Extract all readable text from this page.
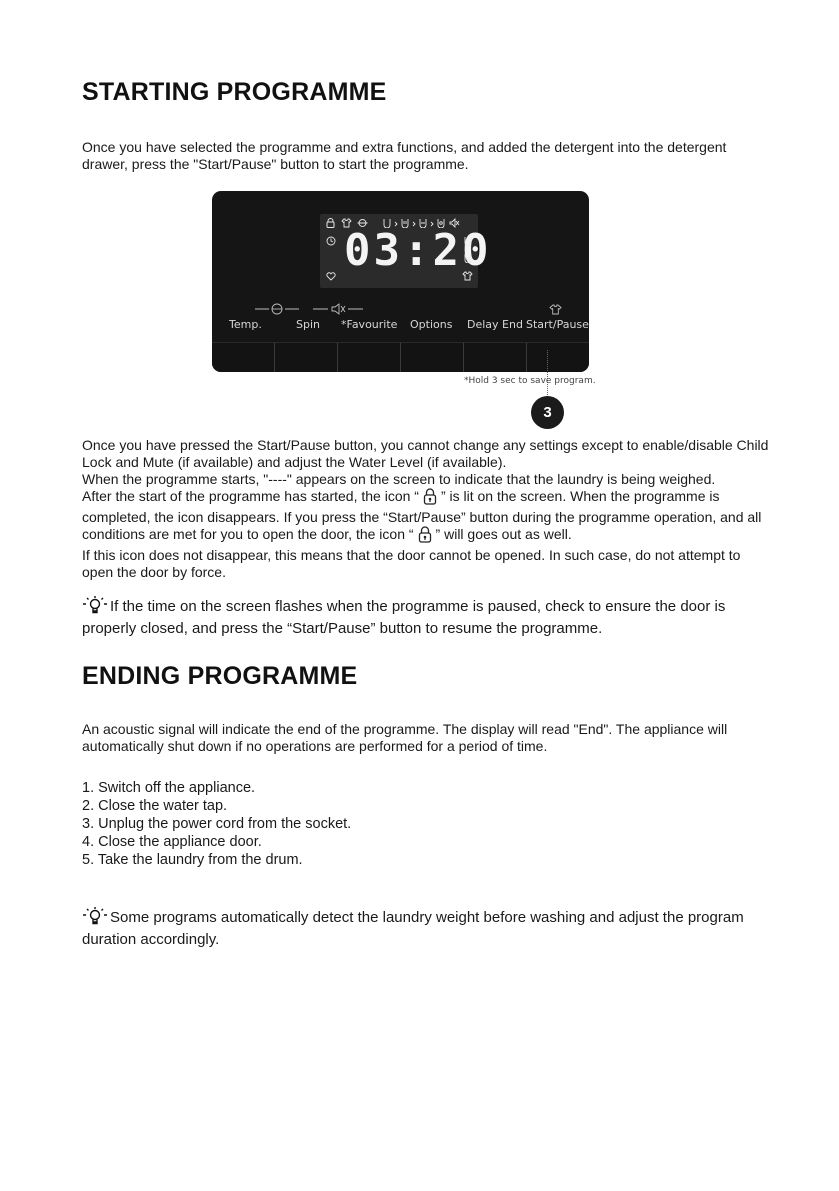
STARTING PROGRAMME

Once you have selected the programme and extra functions, and added the detergent into the detergent drawer, press the "Start/Pause" button to start the programme.

03:20
Temp.	Spin *Favourite Options Delay End Start/Pause
*Hold 3 sec to save program.
3

Once you have pressed the Start/Pause button, you cannot change any settings except to enable/disable Child Lock and Mute (if available) and adjust the Water Level (if available).

When the programme starts, "----" appears on the screen to indicate that the laundry is being weighed.

After the start of the programme has started, the icon “ ” is lit on the screen. When the programme is completed, the icon disappears. If you press the “Start/Pause” button during the programme operation, and all conditions are met for you to open the door, the icon “ ” will goes out as well.

If this icon does not disappear, this means that the door cannot be opened. In such case, do not attempt to open the door by force.

If the time on the screen flashes when the programme is paused, check to ensure the door is properly closed, and press the “Start/Pause” button to resume the programme.

ENDING PROGRAMME

An acoustic signal will indicate the end of the programme. The display will read "End". The appliance will automatically shut down if no operations are performed for a period of time.

1. Switch off the appliance.
2. Close the water tap.
3. Unplug the power cord from the socket.
4. Close the appliance door.
5. Take the laundry from the drum.

Some programs automatically detect the laundry weight before washing and adjust the program duration accordingly.
